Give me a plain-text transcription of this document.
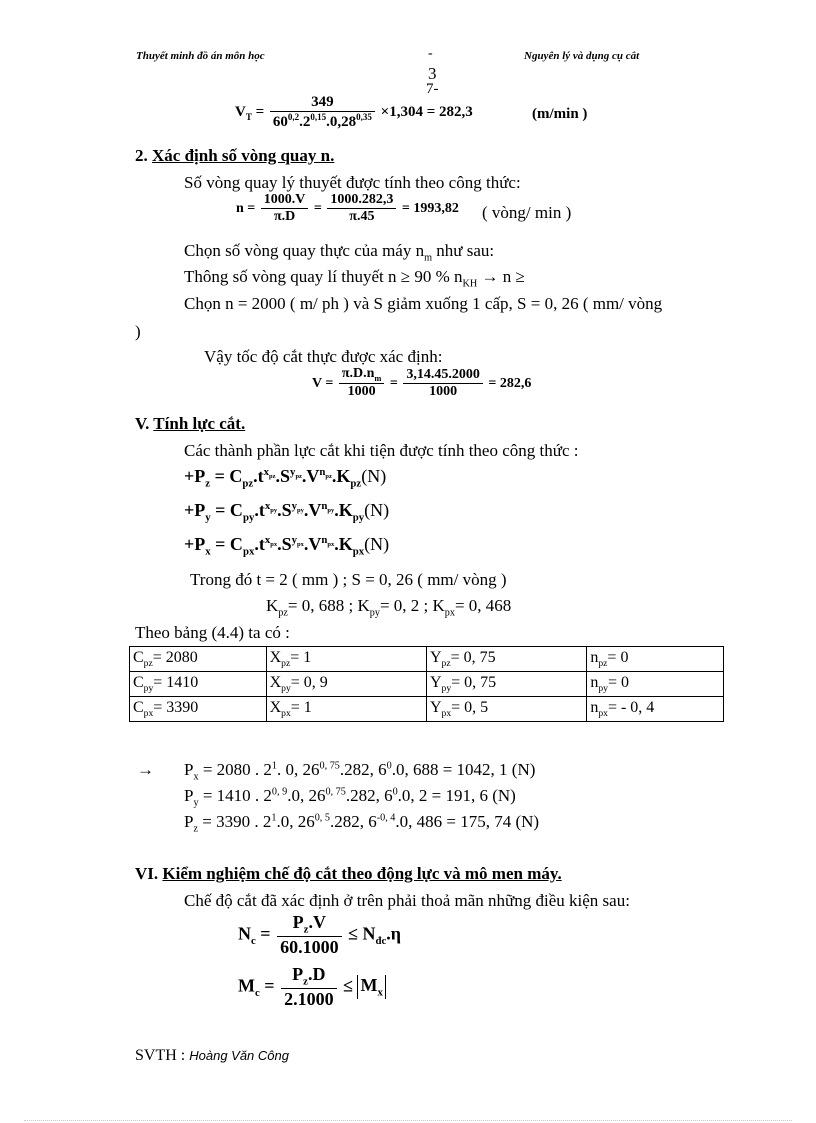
Thuyết minh đồ án môn học	-	Nguyên lý và dụng cụ cắt
3
7-
$V_T = \frac{349}{60^{0,2}.2^{0,15}.0,28^{0,35}} \times 1,304 = 282,3$	(m/min )
2. Xác định số vòng quay n.
Số vòng quay lý thuyết được tính theo công thức:
$n = \frac{1000.V}{\pi.D} = \frac{1000.282,3}{\pi.45} = 1993,82$ ( vòng/ min )
Chọn số vòng quay thực của máy $n_m$ như sau:
Thông số vòng quay lí thuyết n ≥ 90 % $n_{KH} \to n$ ≥
Chọn n = 2000 ( m/ ph ) và S giảm xuống 1 cấp, S = 0, 26 ( mm/ vòng
)
Vậy tốc độ cắt thực được xác định:
$V = \frac{\pi.D.n_m}{1000} = \frac{3,14.45.2000}{1000} = 282,6$
V. Tính lực cắt.
Các thành phần lực cắt khi tiện được tính theo công thức :
$+P_z = C_{pz}.t^{x_{pz}}.S^{y_{pz}}.V^{n_{pz}}.K_{pz}(N)$
$+P_y = C_{py}.t^{x_{py}}.S^{y_{py}}.V^{n_{py}}.K_{py}(N)$
$+P_x = C_{px}.t^{x_{px}}.S^{y_{px}}.V^{n_{px}}.K_{px}(N)$
Trong đó t = 2 ( mm ) ; S = 0, 26 ( mm/ vòng )
$K_{pz}= 0$, 688 ; $K_{py}= 0$, 2 ; $K_{px}= 0$, 468
Theo bảng (4.4) ta có :
$C_{pz}= 2080$	$X_{pz}= 1$	$Y_{pz}= 0$, 75	$n_{pz}= 0$
$C_{py}= 1410$	$X_{py}= 0$, 9	$Y_{py}= 0$, 75	$n_{py}= 0$
$C_{px}= 3390$	$X_{px}= 1$	$Y_{px}= 0$, 5	$n_{px}= - 0$, 4
→ $P_x = 2080$ . $2^1$. 0, 26$^{0, 75}$.282, $6^0.0$, 688 = 1042, 1 (N)
$P_y = 1410$ . 2$^{0, 9}$.0, 26$^{0, 75}$.282, $6^0.0$, 2 = 191, 6 (N)
$P_z = 3390$ . $2^1.0$, 26$^{0, 5}$.282, $6^{-0, 4}.0$, 486 = 175, 74 (N)
VI. Kiểm nghiệm chế độ cắt theo động lực và mô men máy.
Chế độ cắt đã xác định ở trên phải thoả mãn những điều kiện sau:
$N_c = \frac{P_z.V}{60.1000} \le N_{đc}.\eta$
$M_c = \frac{P_z.D}{2.1000} \le M_x$
SVTH : Hoàng Văn Công
